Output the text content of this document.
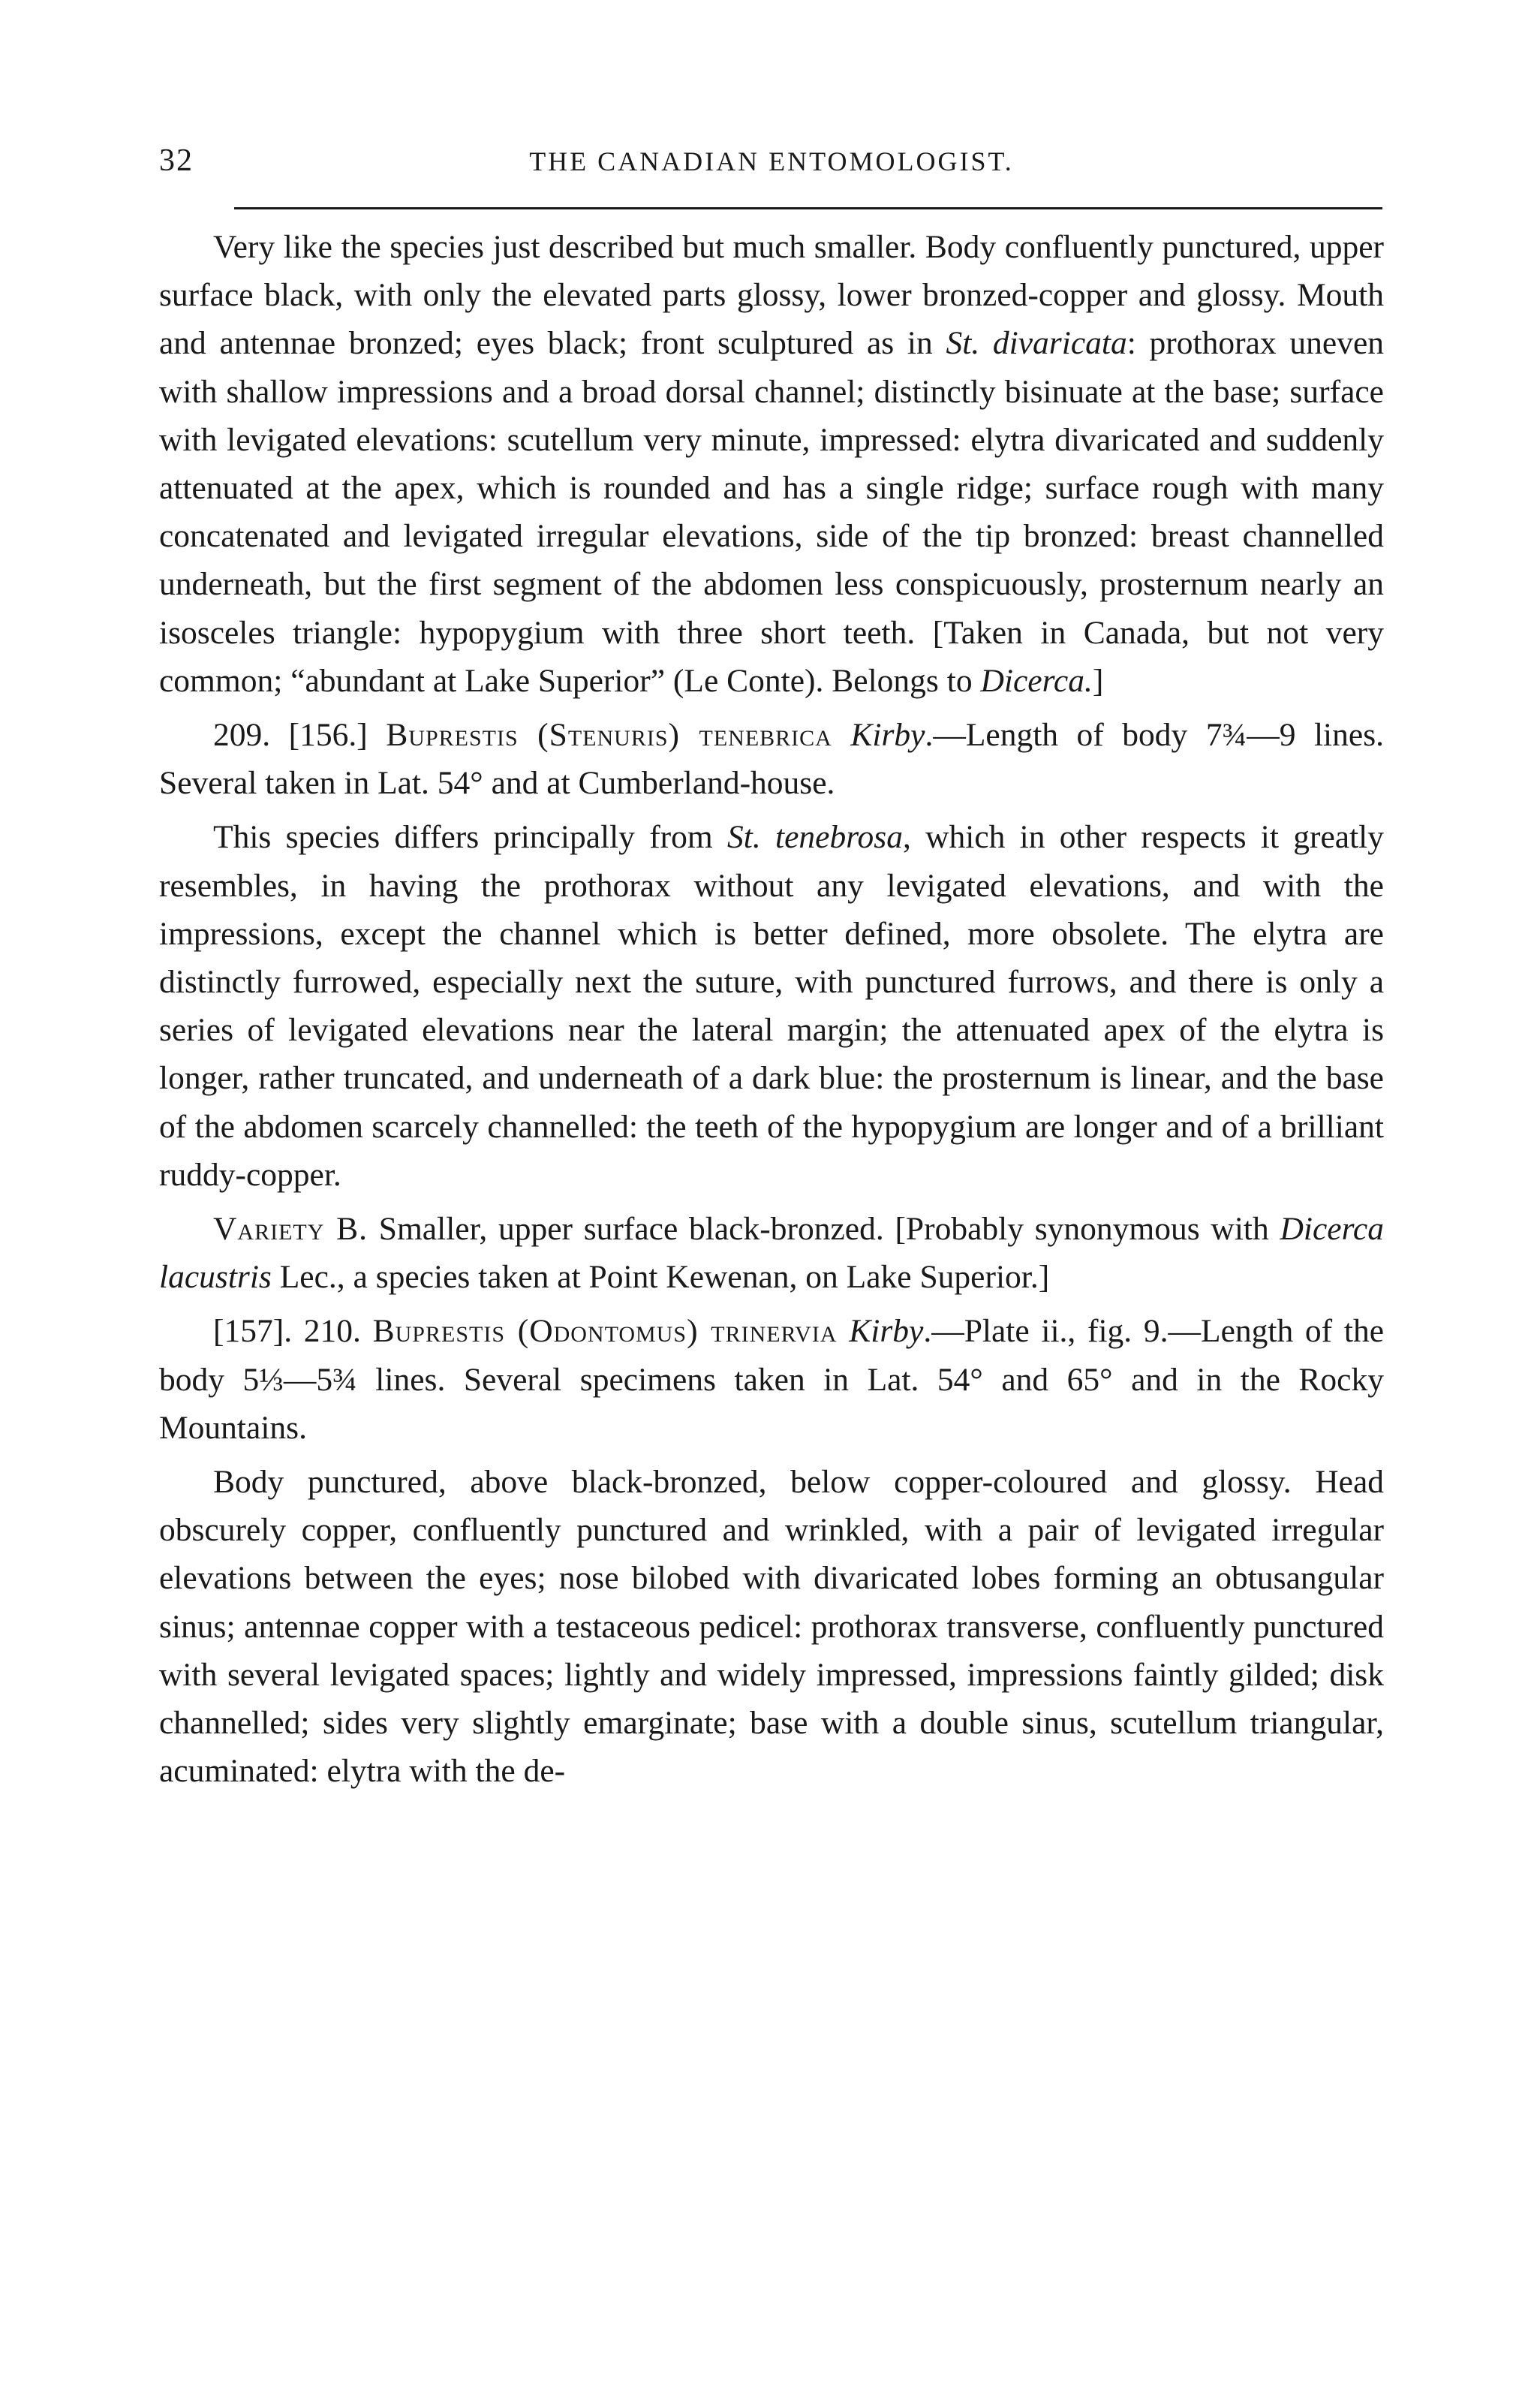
32	THE CANADIAN ENTOMOLOGIST.

Very like the species just described but much smaller. Body confluently punctured, upper surface black, with only the elevated parts glossy, lower bronzed-copper and glossy. Mouth and antennae bronzed; eyes black; front sculptured as in St. divaricata: prothorax uneven with shallow impressions and a broad dorsal channel; distinctly bisinuate at the base; surface with levigated elevations: scutellum very minute, impressed: elytra divaricated and suddenly attenuated at the apex, which is rounded and has a single ridge; surface rough with many concatenated and levigated irregular elevations, side of the tip bronzed: breast channelled underneath, but the first segment of the abdomen less conspicuously, prosternum nearly an isosceles triangle: hypopygium with three short teeth. [Taken in Canada, but not very common; “abundant at Lake Superior” (Le Conte). Belongs to Dicerca.]

209. [156.] Buprestis (Stenuris) tenebrica Kirby.—Length of body 7¾—9 lines. Several taken in Lat. 54° and at Cumberland-house.

This species differs principally from St. tenebrosa, which in other respects it greatly resembles, in having the prothorax without any levigated elevations, and with the impressions, except the channel which is better defined, more obsolete. The elytra are distinctly furrowed, especially next the suture, with punctured furrows, and there is only a series of levigated elevations near the lateral margin; the attenuated apex of the elytra is longer, rather truncated, and underneath of a dark blue: the prosternum is linear, and the base of the abdomen scarcely channelled: the teeth of the hypopygium are longer and of a brilliant ruddy-copper.

Variety B. Smaller, upper surface black-bronzed. [Probably synonymous with Dicerca lacustris Lec., a species taken at Point Kewenan, on Lake Superior.]

[157]. 210. Buprestis (Odontomus) trinervia Kirby.—Plate ii., fig. 9.—Length of the body 5⅓—5¾ lines. Several specimens taken in Lat. 54° and 65° and in the Rocky Mountains.

Body punctured, above black-bronzed, below copper-coloured and glossy. Head obscurely copper, confluently punctured and wrinkled, with a pair of levigated irregular elevations between the eyes; nose bilobed with divaricated lobes forming an obtusangular sinus; antennae copper with a testaceous pedicel: prothorax transverse, confluently punctured with several levigated spaces; lightly and widely impressed, impressions faintly gilded; disk channelled; sides very slightly emarginate; base with a double sinus, scutellum triangular, acuminated: elytra with the de-
